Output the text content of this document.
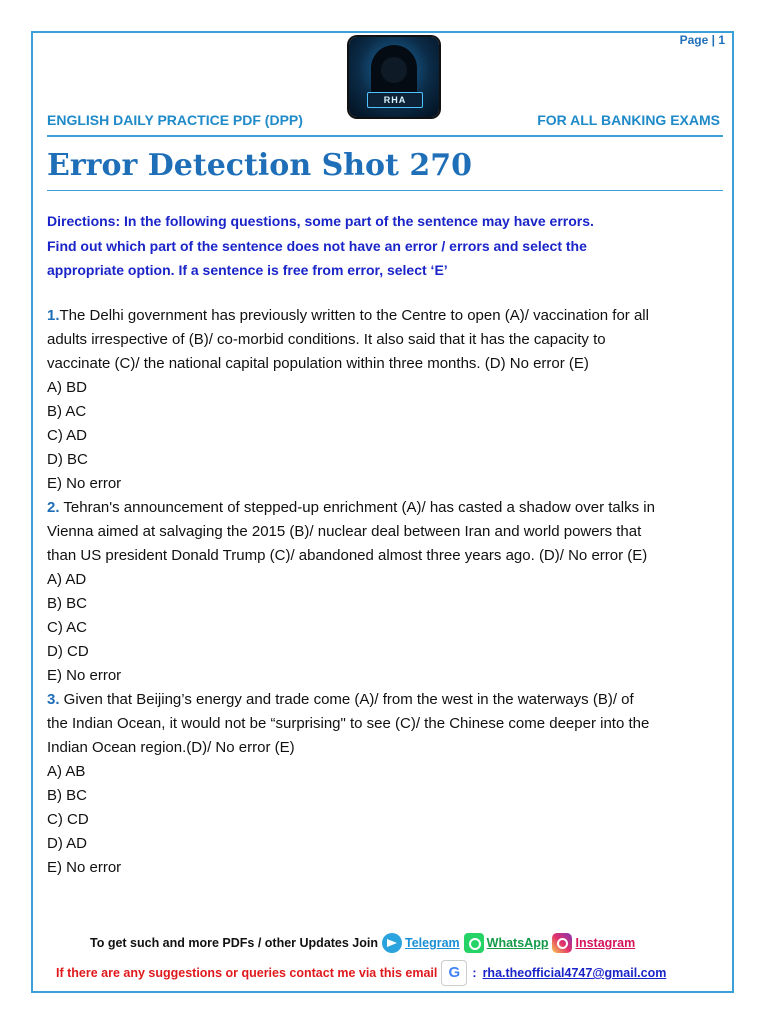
Page | 1
RHA
ENGLISH DAILY PRACTICE PDF (DPP)	FOR ALL BANKING EXAMS
Error Detection Shot 270
Directions: In the following questions, some part of the sentence may have errors.
Find out which part of the sentence does not have an error / errors and select the
appropriate option. If a sentence is free from error, select ‘E’
1.The Delhi government has previously written to the Centre to open (A)/ vaccination for all
adults irrespective of (B)/ co-morbid conditions. It also said that it has the capacity to
vaccinate (C)/ the national capital population within three months. (D) No error (E)
A) BD
B) AC
C) AD
D) BC
E) No error
2. Tehran's announcement of stepped-up enrichment (A)/ has casted a shadow over talks in
Vienna aimed at salvaging the 2015 (B)/ nuclear deal between Iran and world powers that
than US president Donald Trump (C)/ abandoned almost three years ago. (D)/ No error (E)
A) AD
B) BC
C) AC
D) CD
E) No error
3. Given that Beijing’s energy and trade come (A)/ from the west in the waterways (B)/ of
the Indian Ocean, it would not be “surprising" to see (C)/ the Chinese come deeper into the
Indian Ocean region.(D)/ No error (E)
A) AB
B) BC
C) CD
D) AD
E) No error
To get such and more PDFs / other Updates Join Telegram WhatsApp Instagram
If there are any suggestions or queries contact me via this email G : rha.theofficial4747@gmail.com
